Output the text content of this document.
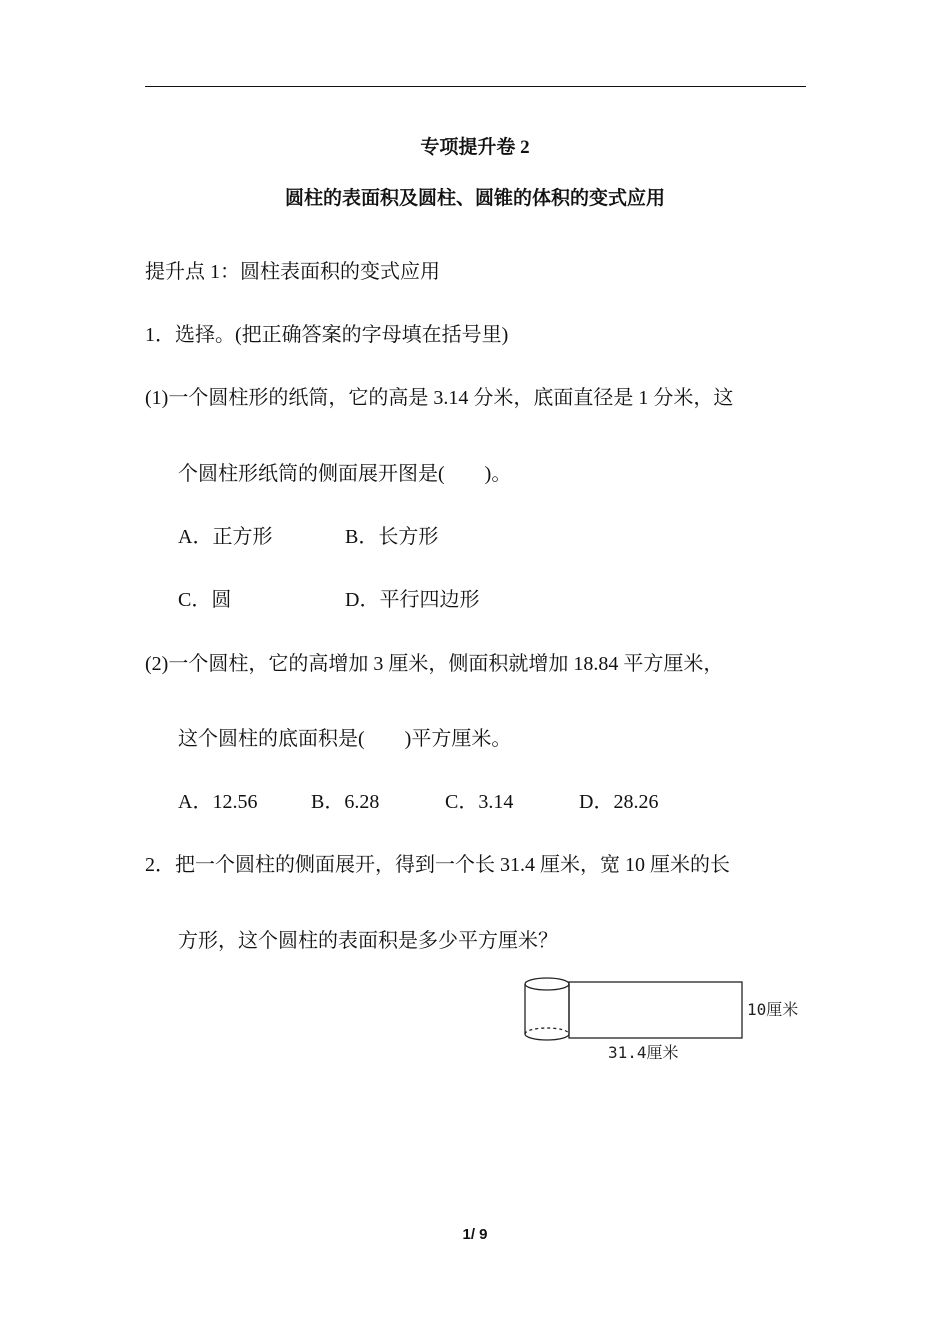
专项提升卷 2
圆柱的表面积及圆柱、圆锥的体积的变式应用
提升点 1：圆柱表面积的变式应用
1．选择。(把正确答案的字母填在括号里)
(1)一个圆柱形的纸筒，它的高是 3.14 分米，底面直径是 1 分米，这
个圆柱形纸筒的侧面展开图是(　　)。
A．正方形	B．长方形
C．圆	D．平行四边形
(2)一个圆柱，它的高增加 3 厘米，侧面积就增加 18.84 平方厘米，
这个圆柱的底面积是(　　)平方厘米。
A．12.56	B．6.28	C．3.14	D．28.26
2．把一个圆柱的侧面展开，得到一个长 31.4 厘米，宽 10 厘米的长
方形，这个圆柱的表面积是多少平方厘米？
10厘米
31.4厘米
1/ 9
